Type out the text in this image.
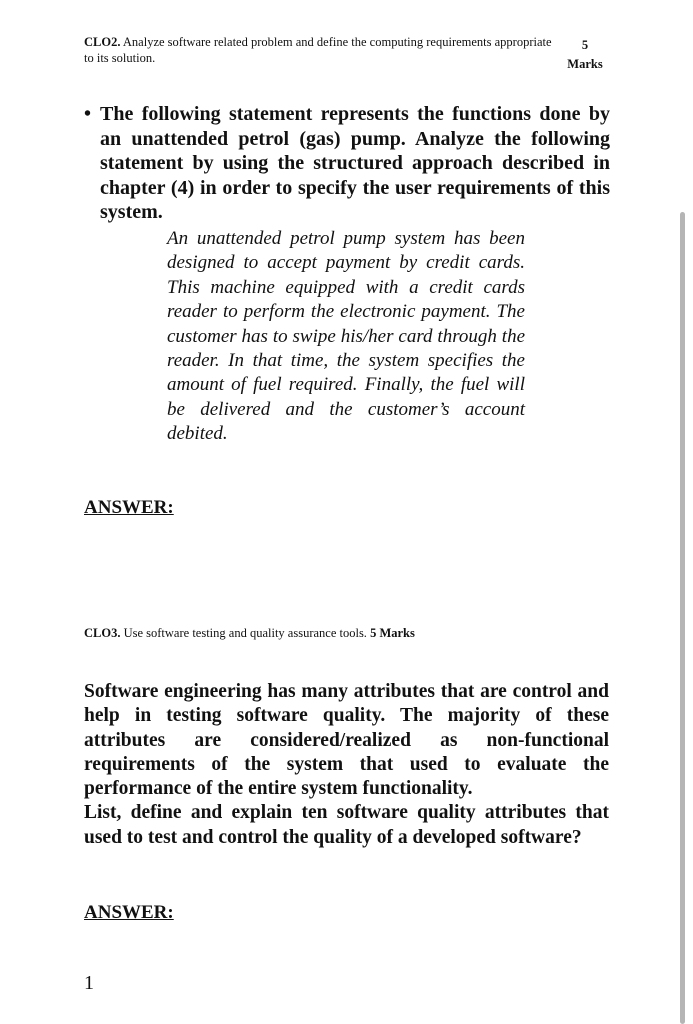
CLO2. Analyze software related problem and define the computing requirements appropriate to its solution.
5
Marks
• The following statement represents the functions done by an unattended petrol (gas) pump. Analyze the following statement by using the structured approach described in chapter (4) in order to specify the user requirements of this system.
An unattended petrol pump system has been designed to accept payment by credit cards. This machine equipped with a credit cards reader to perform the electronic payment. The customer has to swipe his/her card through the reader. In that time, the system specifies the amount of fuel required. Finally, the fuel will be delivered and the customer’s account debited.
ANSWER:
CLO3. Use software testing and quality assurance tools. 5 Marks

Software engineering has many attributes that are control and help in testing software quality. The majority of these attributes are considered/realized as non-functional requirements of the system that used to evaluate the performance of the entire system functionality.

List, define and explain ten software quality attributes that used to test and control the quality of a developed software?

ANSWER:
1
